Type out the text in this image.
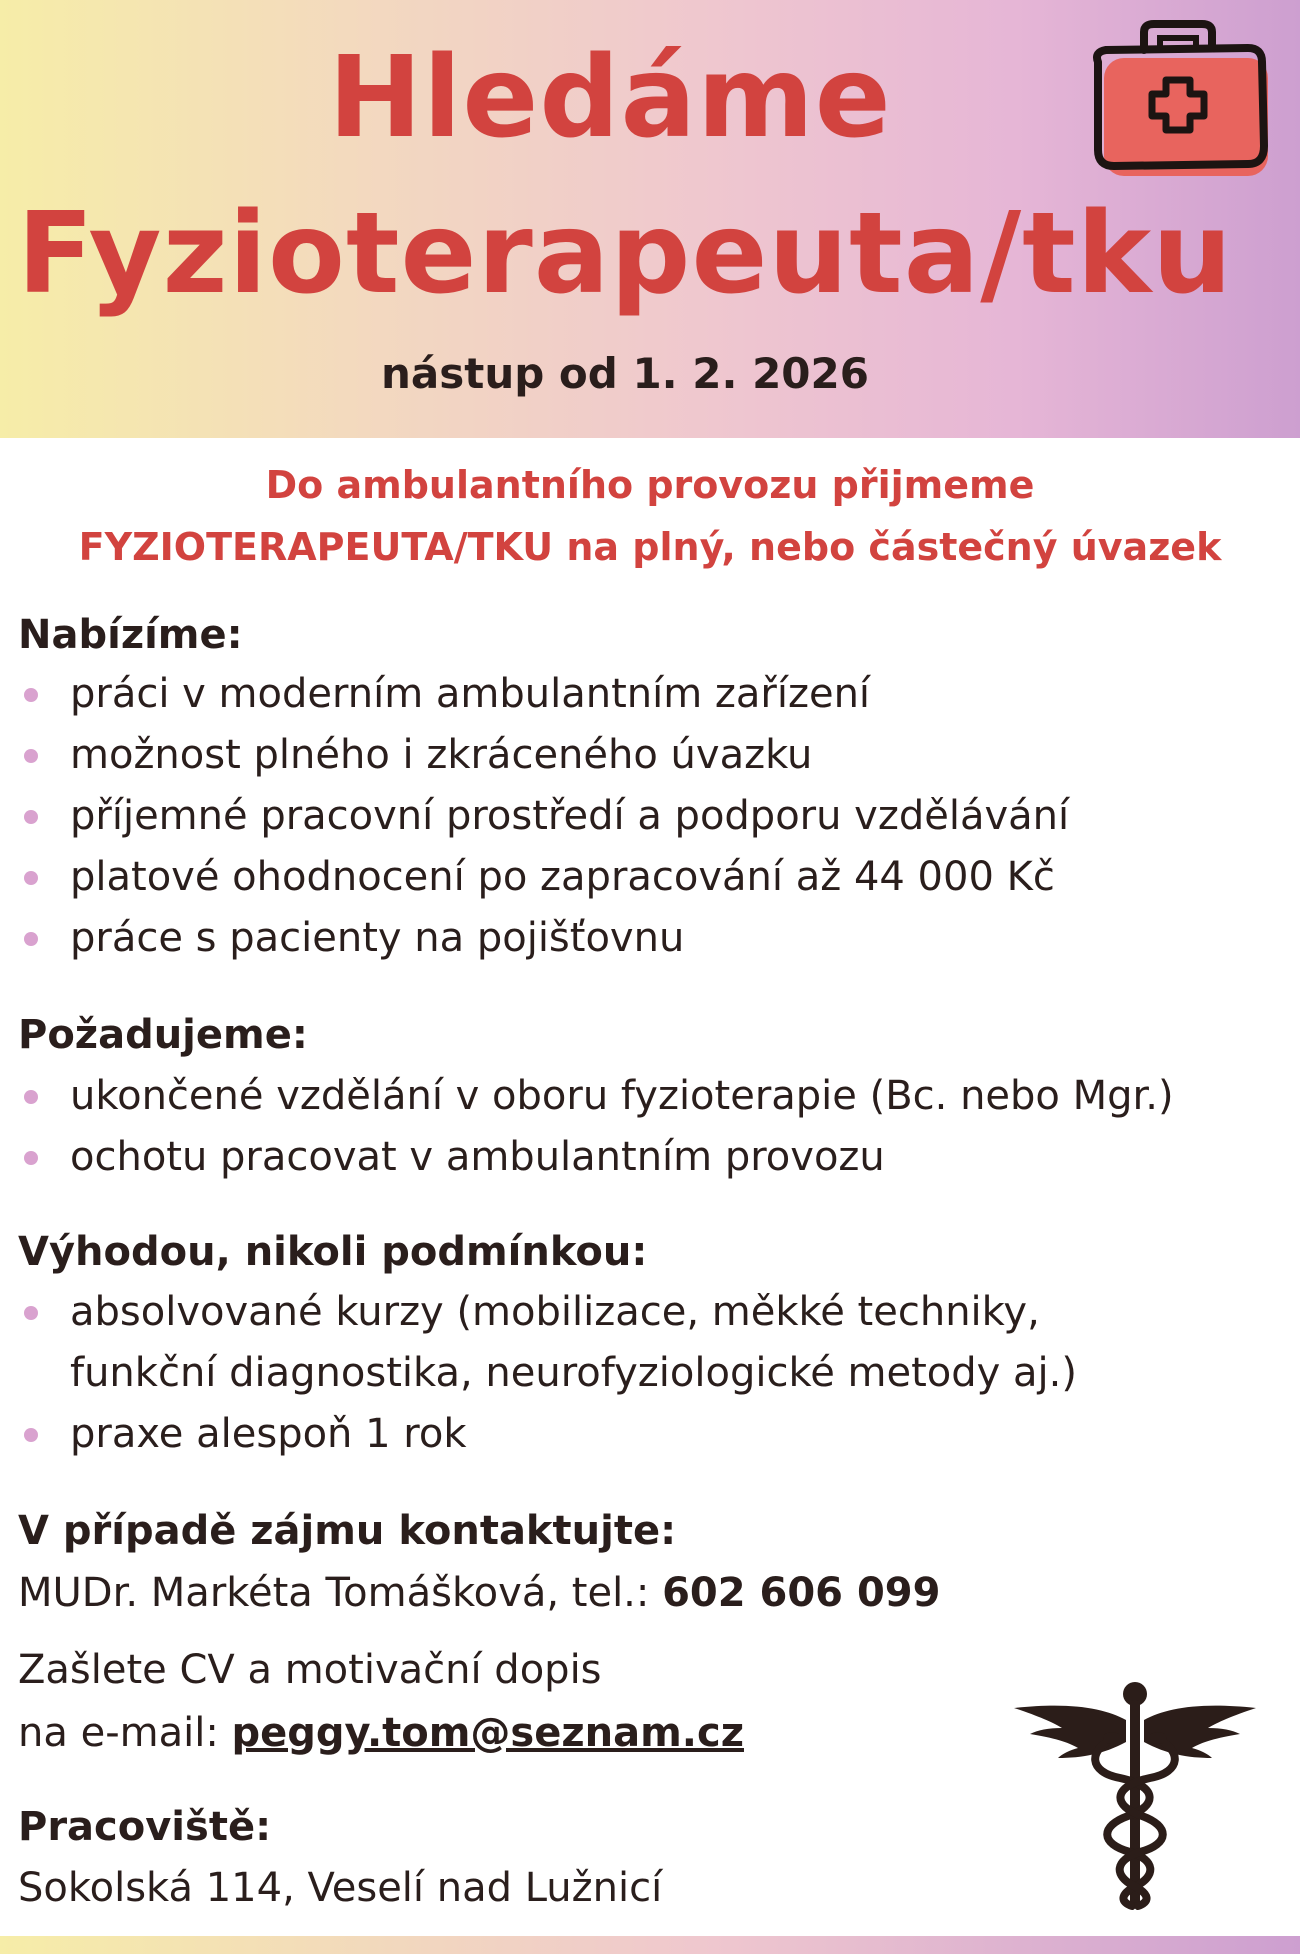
Hledáme
Fyzioterapeuta/tku
nástup od 1. 2. 2026
Do ambulantního provozu přijmeme
FYZIOTERAPEUTA/TKU na plný, nebo částečný úvazek
Nabízíme:
práci v moderním ambulantním zařízení
možnost plného i zkráceného úvazku
příjemné pracovní prostředí a podporu vzdělávání
platové ohodnocení po zapracování až 44 000 Kč
práce s pacienty na pojišťovnu
Požadujeme:
ukončené vzdělání v oboru fyzioterapie (Bc. nebo Mgr.)
ochotu pracovat v ambulantním provozu
Výhodou, nikoli podmínkou:
absolvované kurzy (mobilizace, měkké techniky,
funkční diagnostika, neurofyziologické metody aj.)
praxe alespoň 1 rok
V případě zájmu kontaktujte:
MUDr. Markéta Tomášková, tel.: 602 606 099
Zašlete CV a motivační dopis
na e-mail: peggy.tom@seznam.cz
Pracoviště:
Sokolská 114, Veselí nad Lužnicí
